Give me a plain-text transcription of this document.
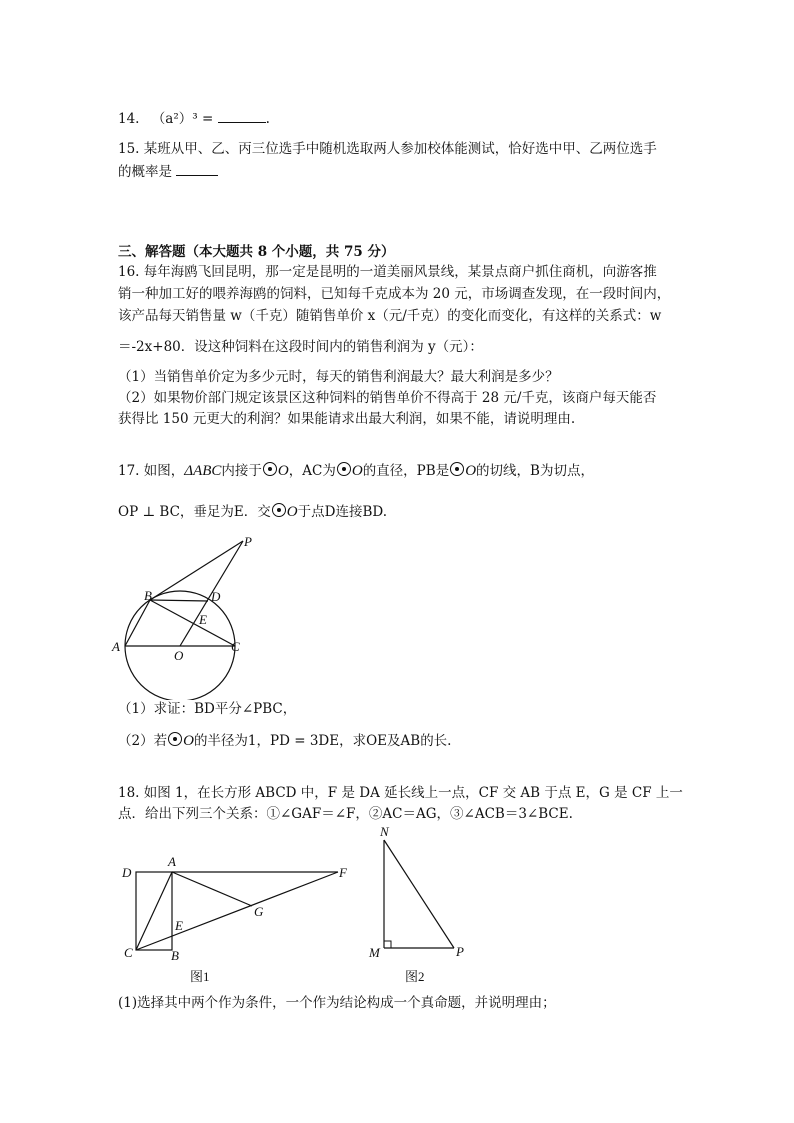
14. （a²）³ =	.
15. 某班从甲、乙、丙三位选手中随机选取两人参加校体能测试，恰好选中甲、乙两位选手
的概率是
三、解答题（本大题共 8 个小题，共 75 分）
16. 每年海鸥飞回昆明，那一定是昆明的一道美丽风景线，某景点商户抓住商机，向游客推
销一种加工好的喂养海鸥的饲料，已知每千克成本为 20 元，市场调查发现，在一段时间内，
该产品每天销售量 w（千克）随销售单价 x（元/千克）的变化而变化，有这样的关系式：w
＝-2x+80．设这种饲料在这段时间内的销售利润为 y（元）：
（1）当销售单价定为多少元时，每天的销售利润最大？最大利润是多少？
（2）如果物价部门规定该景区这种饲料的销售单价不得高于 28 元/千克，该商户每天能否
获得比 150 元更大的利润？如果能请求出最大利润，如果不能，请说明理由.
17. 如图，ΔABC内接于 O，AC为 O的直径，PB是 O的切线，B为切点，
OP ⊥ BC，垂足为E．交 O于点D连接BD.
P
B	D
E
A
O
C
（1）求证：BD平分∠PBC，
（2）若 O的半径为1，PD = 3DE，求OE及AB的长.
18. 如图 1，在长方形 ABCD 中，F 是 DA 延长线上一点，CF 交 AB 于点 E，G 是 CF 上一
点．给出下列三个关系：①∠GAF＝∠F，②AC＝AG，③∠ACB＝3∠BCE.
D
A
F
G
E
C	B
图1
N
M	P
图2
(1)选择其中两个作为条件，一个作为结论构成一个真命题，并说明理由；
